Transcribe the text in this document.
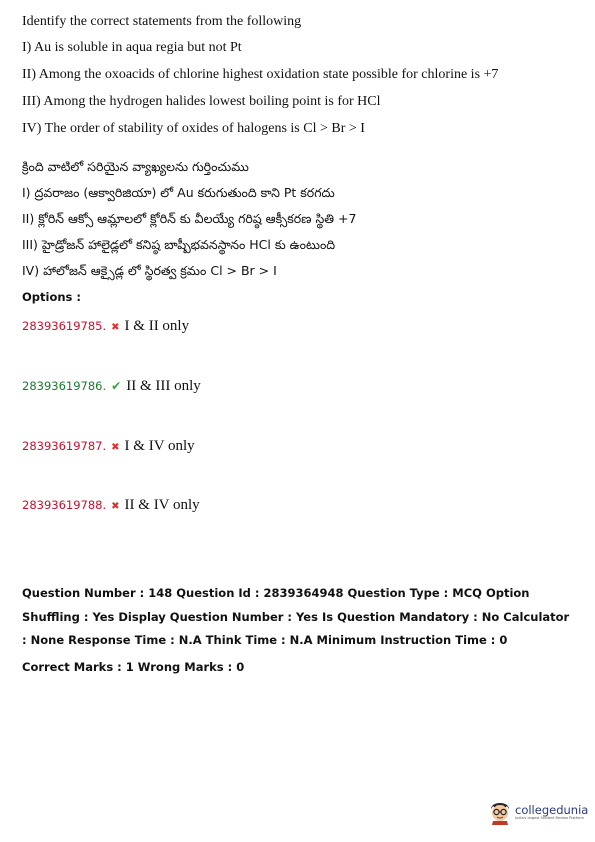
Identify the correct statements from the following
I) Au is soluble in aqua regia but not Pt
II) Among the oxoacids of chlorine highest oxidation state possible for chlorine is +7
III) Among the hydrogen halides lowest boiling point is for HCl
IV) The order of stability of oxides of halogens is Cl > Br > I
క్రింది వాటిలో సరియైన వ్యాఖ్యలను గుర్తించుము
I) ద్రవరాజం (ఆక్వారిజియా) లో Au కరుగుతుంది కాని Pt కరగదు
II) క్లోరిన్ ఆక్సో ఆమ్లాలలో క్లోరిన్ కు వీలయ్యే గరిష్ఠ ఆక్సీకరణ స్థితి +7
III) హైడ్రోజన్ హాలైడ్లలో కనిష్ఠ బాష్పీభవనస్థానం HCl కు ఉంటుంది
IV) హాలోజన్ ఆక్సైడ్ల లో స్థిరత్వ క్రమం Cl > Br > I
Options :
28393619785. ✖ I & II only
28393619786. ✔ II & III only
28393619787. ✖ I & IV only
28393619788. ✖ II & IV only
Question Number : 148 Question Id : 2839364948 Question Type : MCQ Option Shuffling : Yes Display Question Number : Yes Is Question Mandatory : No Calculator : None Response Time : N.A Think Time : N.A Minimum Instruction Time : 0
Correct Marks : 1 Wrong Marks : 0
collegedunia
India's largest Student Review Platform
